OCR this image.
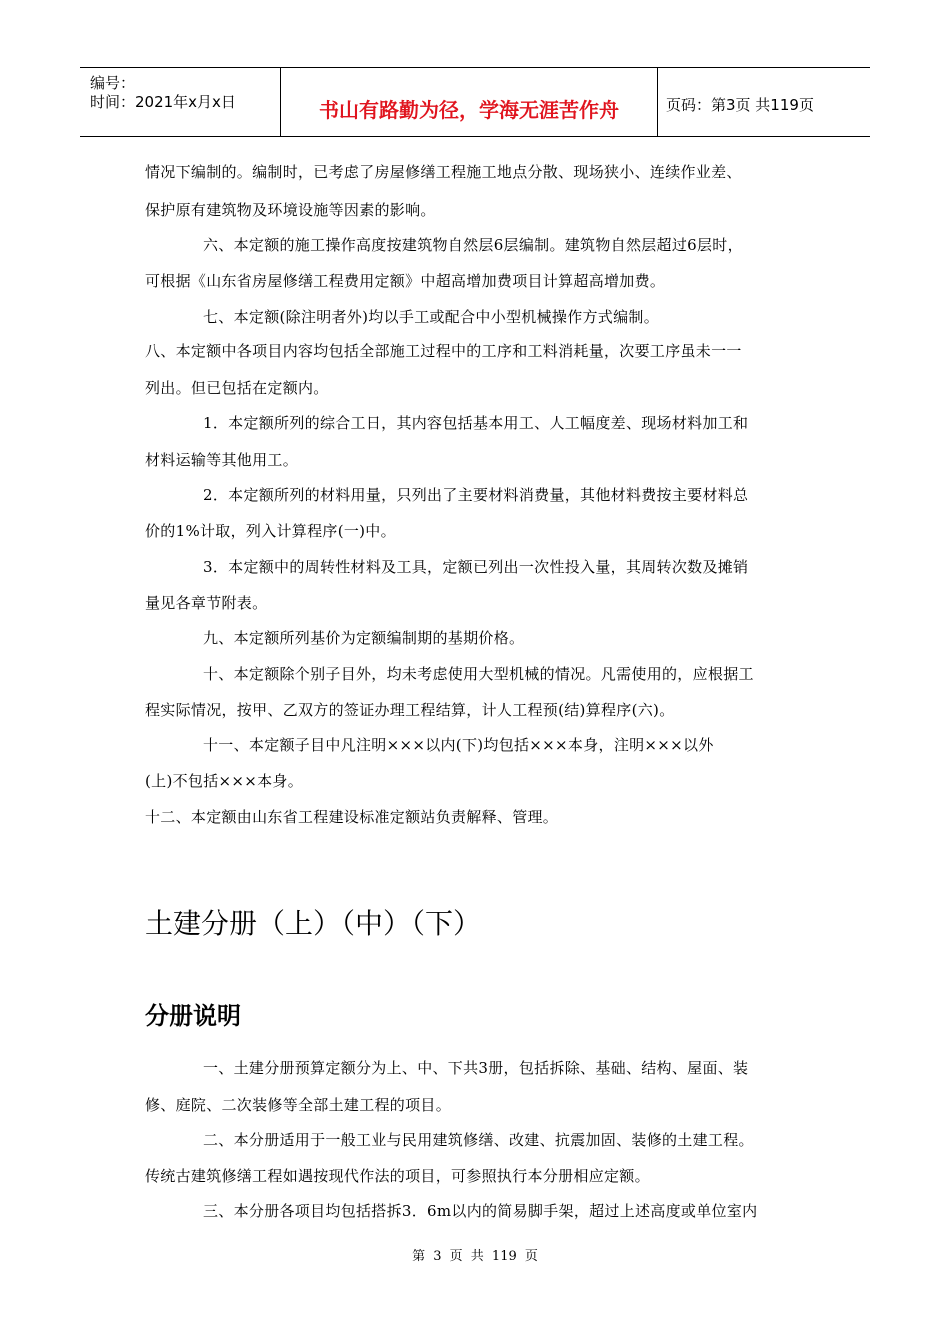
编号：
时间：2021年x月x日	书山有路勤为径，学海无涯苦作舟	页码：第3页 共119页
情况下编制的。编制时，已考虑了房屋修缮工程施工地点分散、现场狭小、连续作业差、
保护原有建筑物及环境设施等因素的影响。
六、本定额的施工操作高度按建筑物自然层6层编制。建筑物自然层超过6层时，
可根据《山东省房屋修缮工程费用定额》中超高增加费项目计算超高增加费。
七、本定额(除注明者外)均以手工或配合中小型机械操作方式编制。
八、本定额中各项目内容均包括全部施工过程中的工序和工料消耗量，次要工序虽未一一
列出。但已包括在定额内。
1．本定额所列的综合工日，其内容包括基本用工、人工幅度差、现场材料加工和
材料运输等其他用工。
2．本定额所列的材料用量，只列出了主要材料消费量，其他材料费按主要材料总
价的1%计取，列入计算程序(一)中。
3．本定额中的周转性材料及工具，定额已列出一次性投入量，其周转次数及摊销
量见各章节附表。
九、本定额所列基价为定额编制期的基期价格。
十、本定额除个别子目外，均未考虑使用大型机械的情况。凡需使用的，应根据工
程实际情况，按甲、乙双方的签证办理工程结算，计人工程预(结)算程序(六)。
十一、本定额子目中凡注明×××以内(下)均包括×××本身，注明×××以外
(上)不包括×××本身。
十二、本定额由山东省工程建设标准定额站负责解释、管理。
土建分册（上）（中）（下）
分册说明
一、土建分册预算定额分为上、中、下共3册，包括拆除、基础、结构、屋面、装
修、庭院、二次装修等全部土建工程的项目。
二、本分册适用于一般工业与民用建筑修缮、改建、抗震加固、装修的土建工程。
传统古建筑修缮工程如遇按现代作法的项目，可参照执行本分册相应定额。
三、本分册各项目均包括搭拆3．6m以内的简易脚手架，超过上述高度或单位室内
第 3 页 共 119 页
